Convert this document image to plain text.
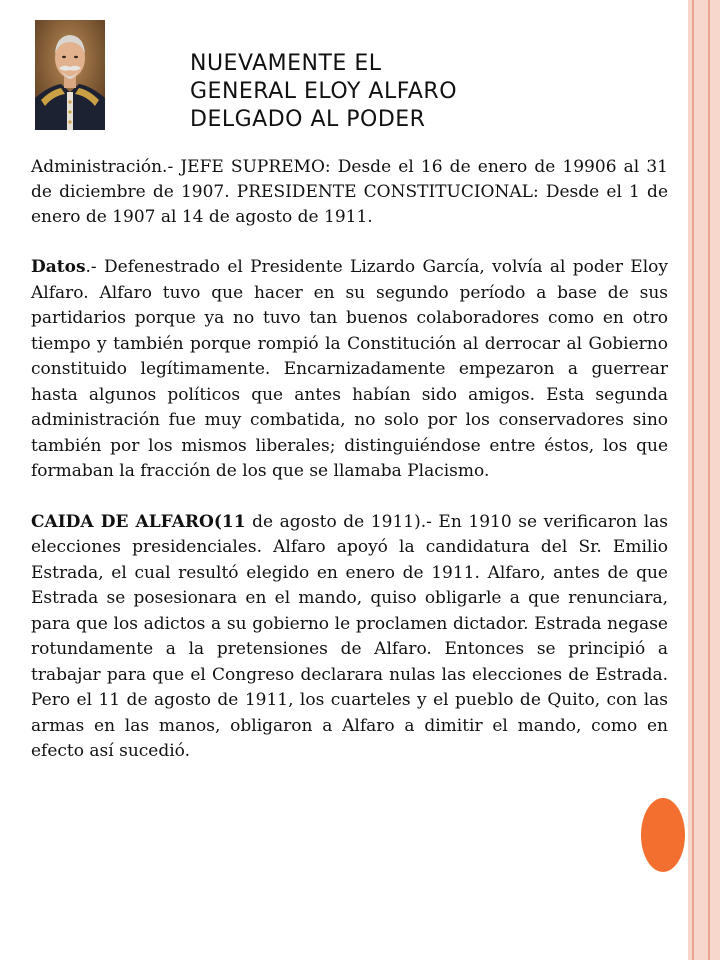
NUEVAMENTE EL
GENERAL ELOY ALFARO
DELGADO AL PODER

Administración.- JEFE SUPREMO: Desde el 16 de enero de 19906 al 31 de diciembre de 1907. PRESIDENTE CONSTITUCIONAL: Desde el 1 de enero de 1907 al 14 de agosto de 1911.

Datos.- Defenestrado el Presidente Lizardo García, volvía al poder Eloy Alfaro. Alfaro tuvo que hacer en su segundo período a base de sus partidarios porque ya no tuvo tan buenos colaboradores como en otro tiempo y también porque rompió la Constitución al derrocar al Gobierno constituido legítimamente. Encarnizadamente empezaron a guerrear hasta algunos políticos que antes habían sido amigos. Esta segunda administración fue muy combatida, no solo por los conservadores sino también por los mismos liberales; distinguiéndose entre éstos, los que formaban la fracción de los que se llamaba Placismo.

CAIDA DE ALFARO(11 de agosto de 1911).- En 1910 se verificaron las elecciones presidenciales. Alfaro apoyó la candidatura del Sr. Emilio Estrada, el cual resultó elegido en enero de 1911. Alfaro, antes de que Estrada se posesionara en el mando, quiso obligarle a que renunciara, para que los adictos a su gobierno le proclamen dictador. Estrada negase rotundamente a la pretensiones de Alfaro. Entonces se principió a trabajar para que el Congreso declarara nulas las elecciones de Estrada. Pero el 11 de agosto de 1911, los cuarteles y el pueblo de Quito, con las armas en las manos, obligaron a Alfaro a dimitir el mando, como en efecto así sucedió.
